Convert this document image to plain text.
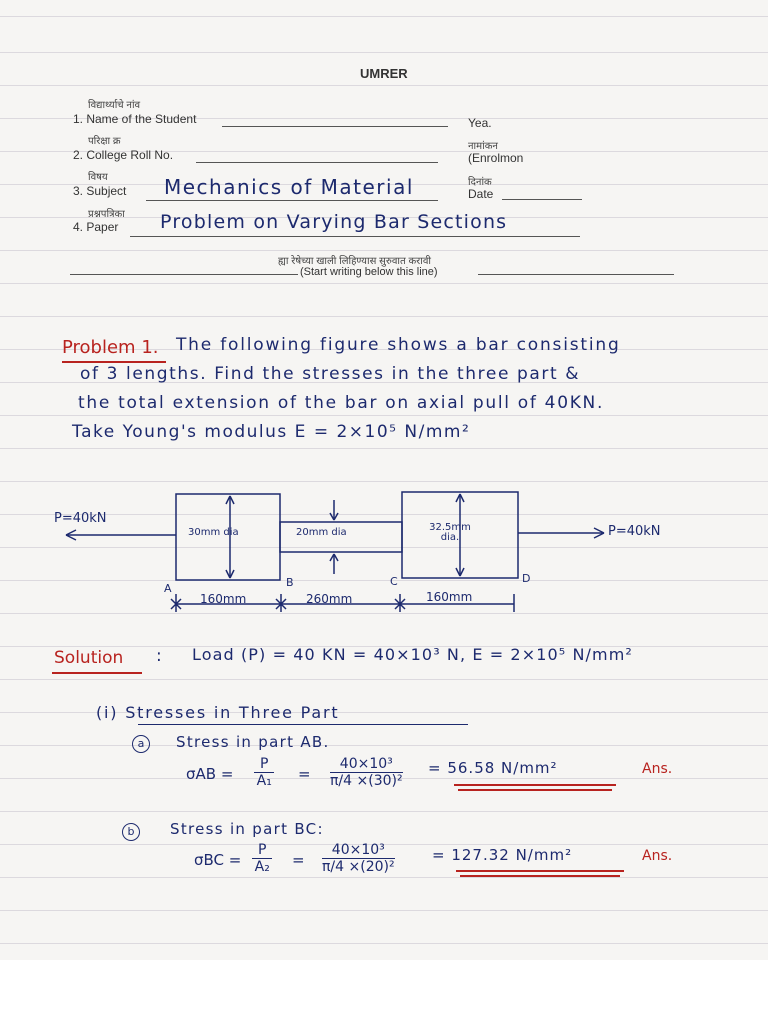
UMRER
विद्यार्थ्याचे नांव
1. Name of the Student	Yea.
परिक्षा क्र
2. College Roll No.
नामांकन
(Enrolmon
विषय
3. Subject Mechanics of Material	दिनांक
Date
प्रश्नपत्रिका
4. Paper Problem on Varying Bar Sections
ह्या रेषेच्या खाली लिहिण्यास सुरुवात करावी
(Start writing below this line)
Problem 1. The following figure shows a bar consisting
of 3 lengths. Find the stresses in the three part &
the total extension of the bar on axial pull of 40KN.
Take Young's modulus E = 2×10⁵ N/mm²
P=40kN
P=40kN
30mm dia	20mm dia	32.5mm dia.
A	B	C	D
160mm	260mm	160mm
Solution : Load (P) = 40 KN = 40×10³ N, E = 2×10⁵ N/mm²
(i) Stresses in Three Part
a	Stress in part AB.
$\sigma AB = \frac{P}{\text{A₁}} = \frac{\text{40×10³}}{\text{π/4 ×(30)²}} = 56.58$ N/mm²	Ans.
b	Stress in part BC:
$\sigma BC = \frac{P}{\text{A₂}} = \frac{\text{40×10³}}{\text{π/4 ×(20)²}} = 127.32$ N/mm²	Ans.
